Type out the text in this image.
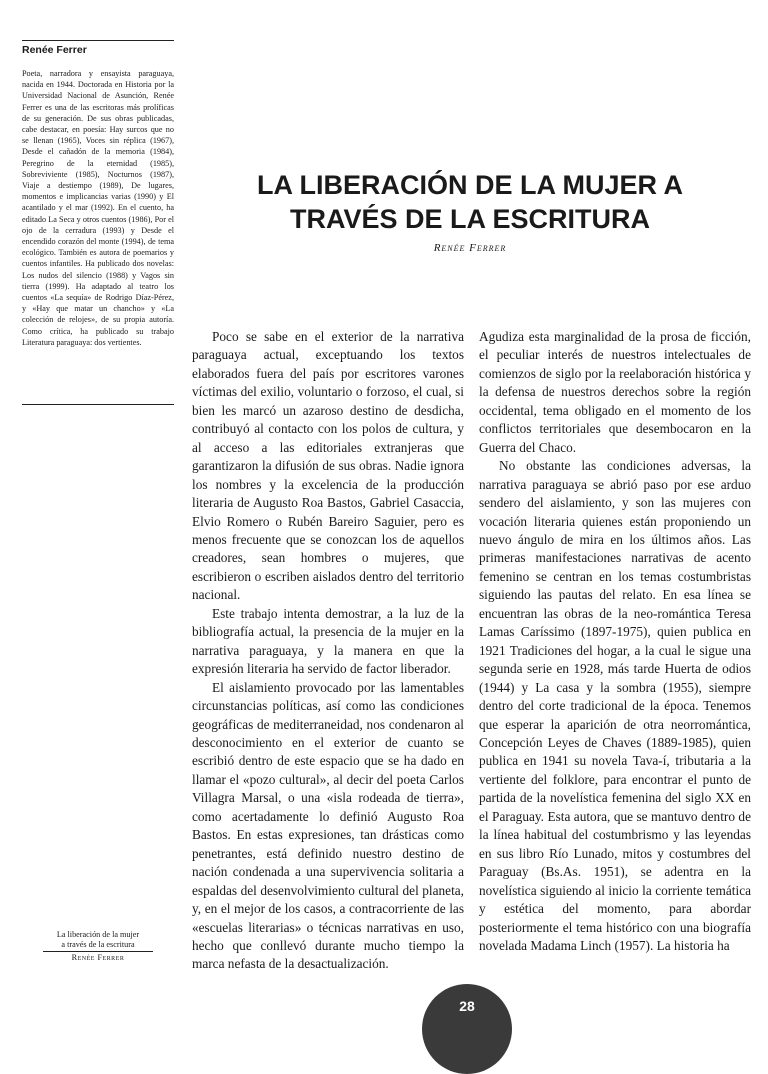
Renée Ferrer

Poeta, narradora y ensayista paraguaya, nacida en 1944. Doctorada en Historia por la Universidad Nacional de Asunción, Renée Ferrer es una de las escritoras más prolíficas de su generación. De sus obras publicadas, cabe destacar, en poesía: Hay surcos que no se llenan (1965), Voces sin réplica (1967), Desde el cañadón de la memoria (1984), Peregrino de la eternidad (1985), Sobreviviente (1985), Nocturnos (1987), Viaje a destiempo (1989), De lugares, momentos e implicancias varias (1990) y El acantilado y el mar (1992). En el cuento, ha editado La Seca y otros cuentos (1986), Por el ojo de la cerradura (1993) y Desde el encendido corazón del monte (1994), de tema ecológico. También es autora de poemarios y cuentos infantiles. Ha publicado dos novelas: Los nudos del silencio (1988) y Vagos sin tierra (1999). Ha adaptado al teatro los cuentos «La sequía» de Rodrigo Díaz-Pérez, y «Hay que matar un chancho» y «La colección de relojes», de su propia autoría. Como crítica, ha publicado su trabajo Literatura paraguaya: dos vertientes.

LA LIBERACIÓN DE LA MUJER A
TRAVÉS DE LA ESCRITURA
Renée Ferrer

Poco se sabe en el exterior de la narrativa paraguaya actual, exceptuando los textos elaborados fuera del país por escritores varones víctimas del exilio, voluntario o forzoso, el cual, si bien les marcó un azaroso destino de desdicha, contribuyó al contacto con los polos de cultura, y al acceso a las editoriales extranjeras que garantizaron la difusión de sus obras. Nadie ignora los nombres y la excelencia de la producción literaria de Augusto Roa Bastos, Gabriel Casaccia, Elvio Romero o Rubén Bareiro Saguier, pero es menos frecuente que se conozcan los de aquellos creadores, sean hombres o mujeres, que escribieron o escriben aislados dentro del territorio nacional.

Este trabajo intenta demostrar, a la luz de la bibliografía actual, la presencia de la mujer en la narrativa paraguaya, y la manera en que la expresión literaria ha servido de factor liberador.

El aislamiento provocado por las lamentables circunstancias políticas, así como las condiciones geográficas de mediterraneidad, nos condenaron al desconocimiento en el exterior de cuanto se escribió dentro de este espacio que se ha dado en llamar el «pozo cultural», al decir del poeta Carlos Villagra Marsal, o una «isla rodeada de tierra», como acertadamente lo definió Augusto Roa Bastos. En estas expresiones, tan drásticas como penetrantes, está definido nuestro destino de nación condenada a una supervivencia solitaria a espaldas del desenvolvimiento cultural del planeta, y, en el mejor de los casos, a contracorriente de las «escuelas literarias» o técnicas narrativas en uso, hecho que conllevó durante mucho tiempo la marca nefasta de la desactualización.

Agudiza esta marginalidad de la prosa de ficción, el peculiar interés de nuestros intelectuales de comienzos de siglo por la reelaboración histórica y la defensa de nuestros derechos sobre la región occidental, tema obligado en el momento de los conflictos territoriales que desembocaron en la Guerra del Chaco.

No obstante las condiciones adversas, la narrativa paraguaya se abrió paso por ese arduo sendero del aislamiento, y son las mujeres con vocación literaria quienes están proponiendo un nuevo ángulo de mira en los últimos años. Las primeras manifestaciones narrativas de acento femenino se centran en los temas costumbristas siguiendo las pautas del relato. En esa línea se encuentran las obras de la neo-romántica Teresa Lamas Caríssimo (1897-1975), quien publica en 1921 Tradiciones del hogar, a la cual le sigue una segunda serie en 1928, más tarde Huerta de odios (1944) y La casa y la sombra (1955), siempre dentro del corte tradicional de la época. Tenemos que esperar la aparición de otra neorromántica, Concepción Leyes de Chaves (1889-1985), quien publica en 1941 su novela Tava-í, tributaria a la vertiente del folklore, para encontrar el punto de partida de la novelística femenina del siglo XX en el Paraguay. Esta autora, que se mantuvo dentro de la línea habitual del costumbrismo y las leyendas en sus libro Río Lunado, mitos y costumbres del Paraguay (Bs.As. 1951), se adentra en la novelística siguiendo al inicio la corriente temática y estética del momento, para abordar posteriormente el tema histórico con una biografía novelada Madama Linch (1957). La historia ha

La liberación de la mujer
a través de la escritura
Renée Ferrer
28
